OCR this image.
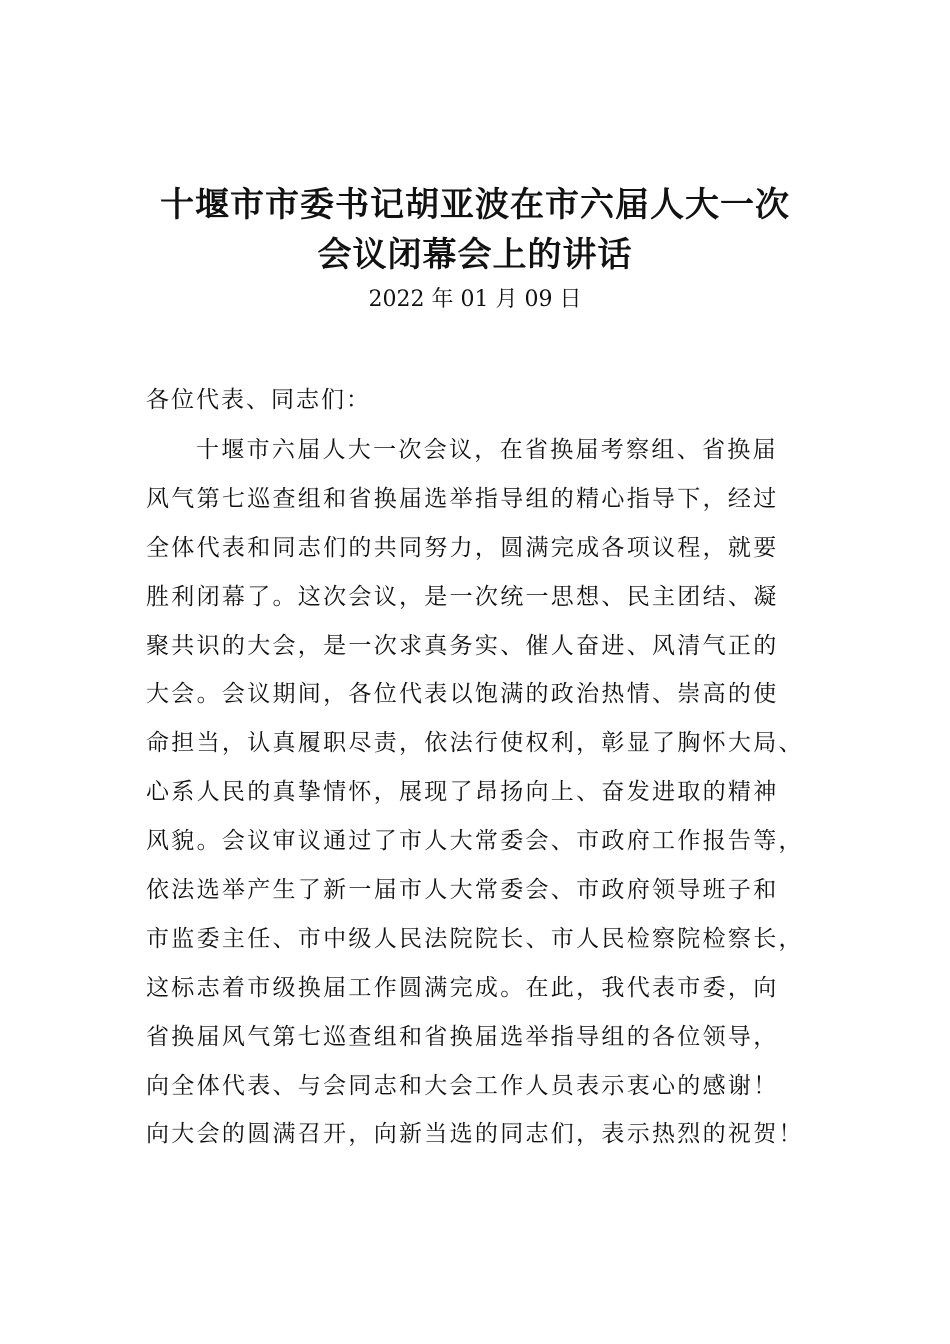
十堰市市委书记胡亚波在市六届人大一次
会议闭幕会上的讲话
2022 年 01 月 09 日
各位代表、同志们：
十堰市六届人大一次会议，在省换届考察组、省换届
风气第七巡查组和省换届选举指导组的精心指导下，经过
全体代表和同志们的共同努力，圆满完成各项议程，就要
胜利闭幕了。这次会议，是一次统一思想、民主团结、凝
聚共识的大会，是一次求真务实、催人奋进、风清气正的
大会。会议期间，各位代表以饱满的政治热情、崇高的使
命担当，认真履职尽责，依法行使权利，彰显了胸怀大局、
心系人民的真挚情怀，展现了昂扬向上、奋发进取的精神
风貌。会议审议通过了市人大常委会、市政府工作报告等，
依法选举产生了新一届市人大常委会、市政府领导班子和
市监委主任、市中级人民法院院长、市人民检察院检察长，
这标志着市级换届工作圆满完成。在此，我代表市委，向
省换届风气第七巡查组和省换届选举指导组的各位领导，
向全体代表、与会同志和大会工作人员表示衷心的感谢！
向大会的圆满召开，向新当选的同志们，表示热烈的祝贺！
